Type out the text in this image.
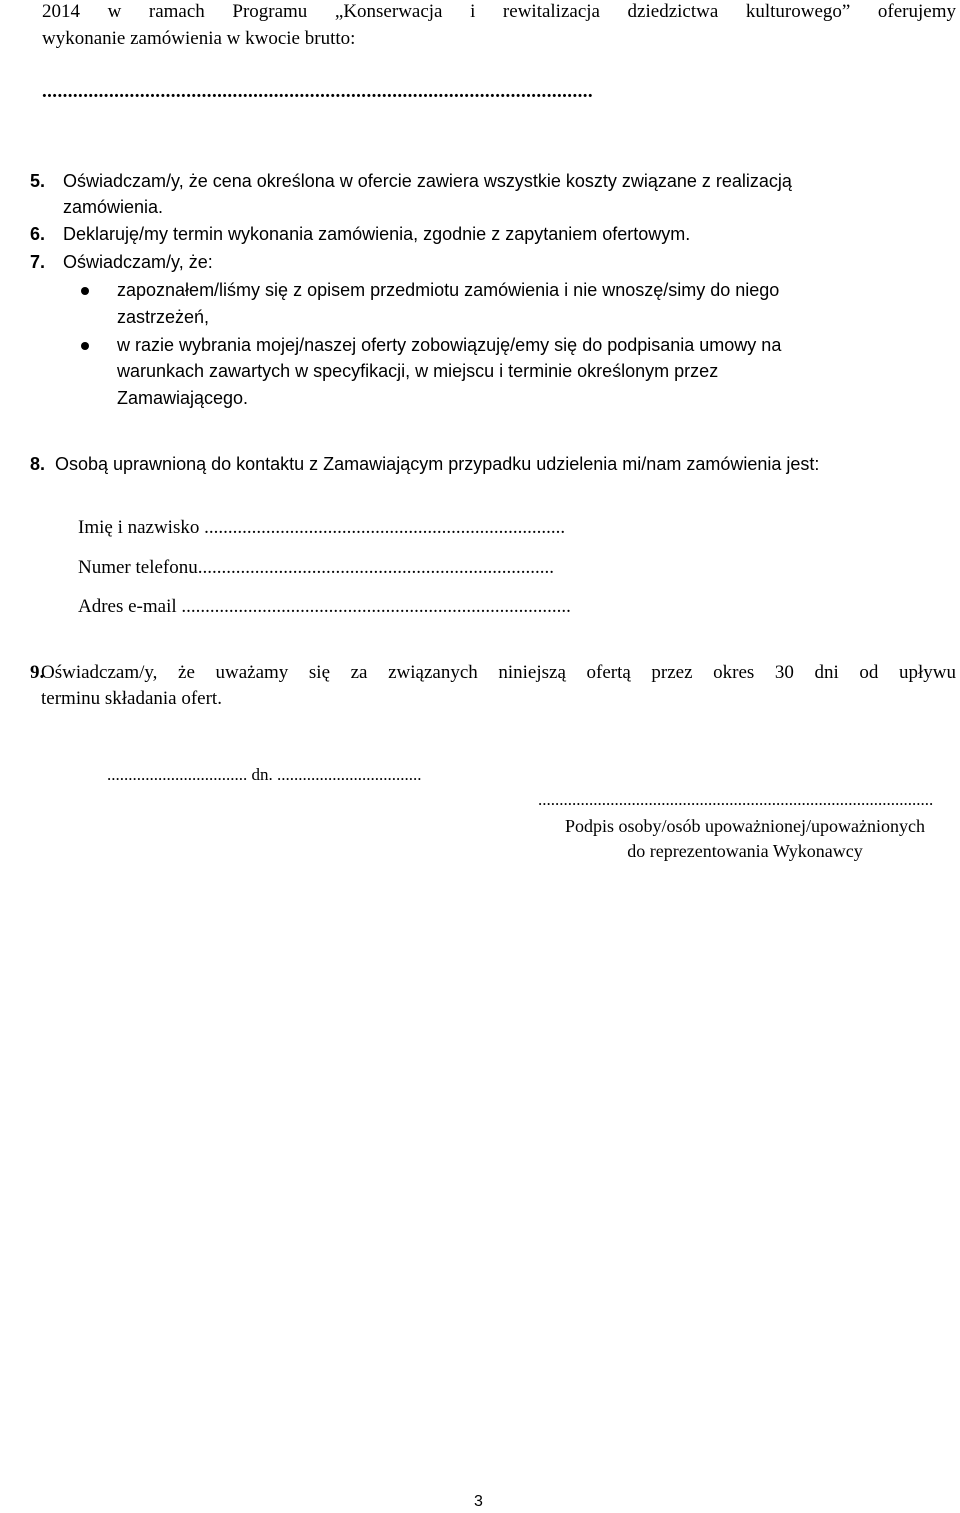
2014 w ramach Programu „Konserwacja i rewitalizacja dziedzictwa kulturowego” oferujemy
wykonanie zamówienia w kwocie brutto:
...........................................................................................................
5. Oświadczam/y, że cena określona w ofercie zawiera wszystkie koszty związane z realizacją
zamówienia.
6. Deklaruję/my termin wykonania zamówienia, zgodnie z zapytaniem ofertowym.
7. Oświadczam/y, że:
zapoznałem/liśmy się z opisem przedmiotu zamówienia i nie wnoszę/simy do niego
zastrzeżeń,
w razie wybrania mojej/naszej oferty zobowiązuję/emy się do podpisania umowy na
warunkach zawartych w specyfikacji, w miejscu i terminie określonym przez
Zamawiającego.
8. Osobą uprawnioną do kontaktu z Zamawiającym przypadku udzielenia mi/nam zamówienia jest:
Imię i nazwisko ............................................................................
Numer telefonu...........................................................................
Adres e-mail ..................................................................................
9.
Oświadczam/y, że uważamy się za związanych niniejszą ofertą przez okres 30 dni od upływu
terminu składania ofert.
................................. dn. ..................................
.............................................................................................
Podpis osoby/osób upoważnionej/upoważnionych
do reprezentowania Wykonawcy
3
